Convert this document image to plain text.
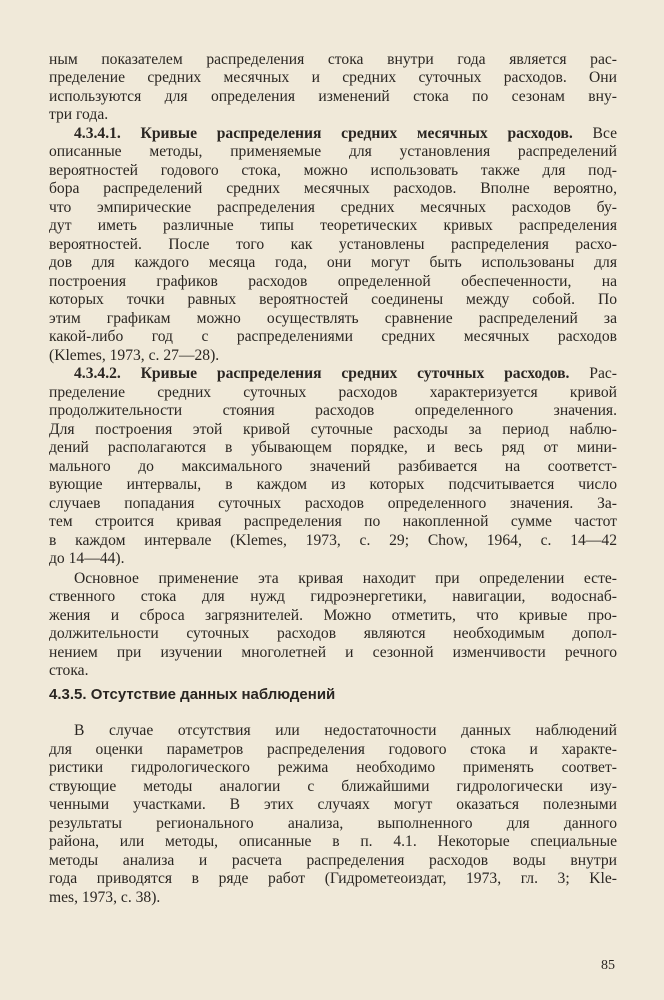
ным показателем распределения стока внутри года является рас-
пределение средних месячных и средних суточных расходов. Они
используются для определения изменений стока по сезонам вну-
три года.
4.3.4.1. Кривые распределения средних месячных расходов. Все
описанные методы, применяемые для установления распределений
вероятностей годового стока, можно использовать также для под-
бора распределений средних месячных расходов. Вполне вероятно,
что эмпирические распределения средних месячных расходов бу-
дут иметь различные типы теоретических кривых распределения
вероятностей. После того как установлены распределения расхо-
дов для каждого месяца года, они могут быть использованы для
построения графиков расходов определенной обеспеченности, на
которых точки равных вероятностей соединены между собой. По
этим графикам можно осуществлять сравнение распределений за
какой-либо год с распределениями средних месячных расходов
(Klemes, 1973, с. 27—28).
4.3.4.2. Кривые распределения средних суточных расходов. Рас-
пределение средних суточных расходов характеризуется кривой
продолжительности стояния расходов определенного значения.
Для построения этой кривой суточные расходы за период наблю-
дений располагаются в убывающем порядке, и весь ряд от мини-
мального до максимального значений разбивается на соответст-
вующие интервалы, в каждом из которых подсчитывается число
случаев попадания суточных расходов определенного значения. За-
тем строится кривая распределения по накопленной сумме частот
в каждом интервале (Klemes, 1973, с. 29; Chow, 1964, с. 14—42
до 14—44).
Основное применение эта кривая находит при определении есте-
ственного стока для нужд гидроэнергетики, навигации, водоснаб-
жения и сброса загрязнителей. Можно отметить, что кривые про-
должительности суточных расходов являются необходимым допол-
нением при изучении многолетней и сезонной изменчивости речного
стока.
4.3.5. Отсутствие данных наблюдений
В случае отсутствия или недостаточности данных наблюдений
для оценки параметров распределения годового стока и характе-
ристики гидрологического режима необходимо применять соответ-
ствующие методы аналогии с ближайшими гидрологически изу-
ченными участками. В этих случаях могут оказаться полезными
результаты регионального анализа, выполненного для данного
района, или методы, описанные в п. 4.1. Некоторые специальные
методы анализа и расчета распределения расходов воды внутри
года приводятся в ряде работ (Гидрометеоиздат, 1973, гл. 3; Kle-
mes, 1973, с. 38).
85
